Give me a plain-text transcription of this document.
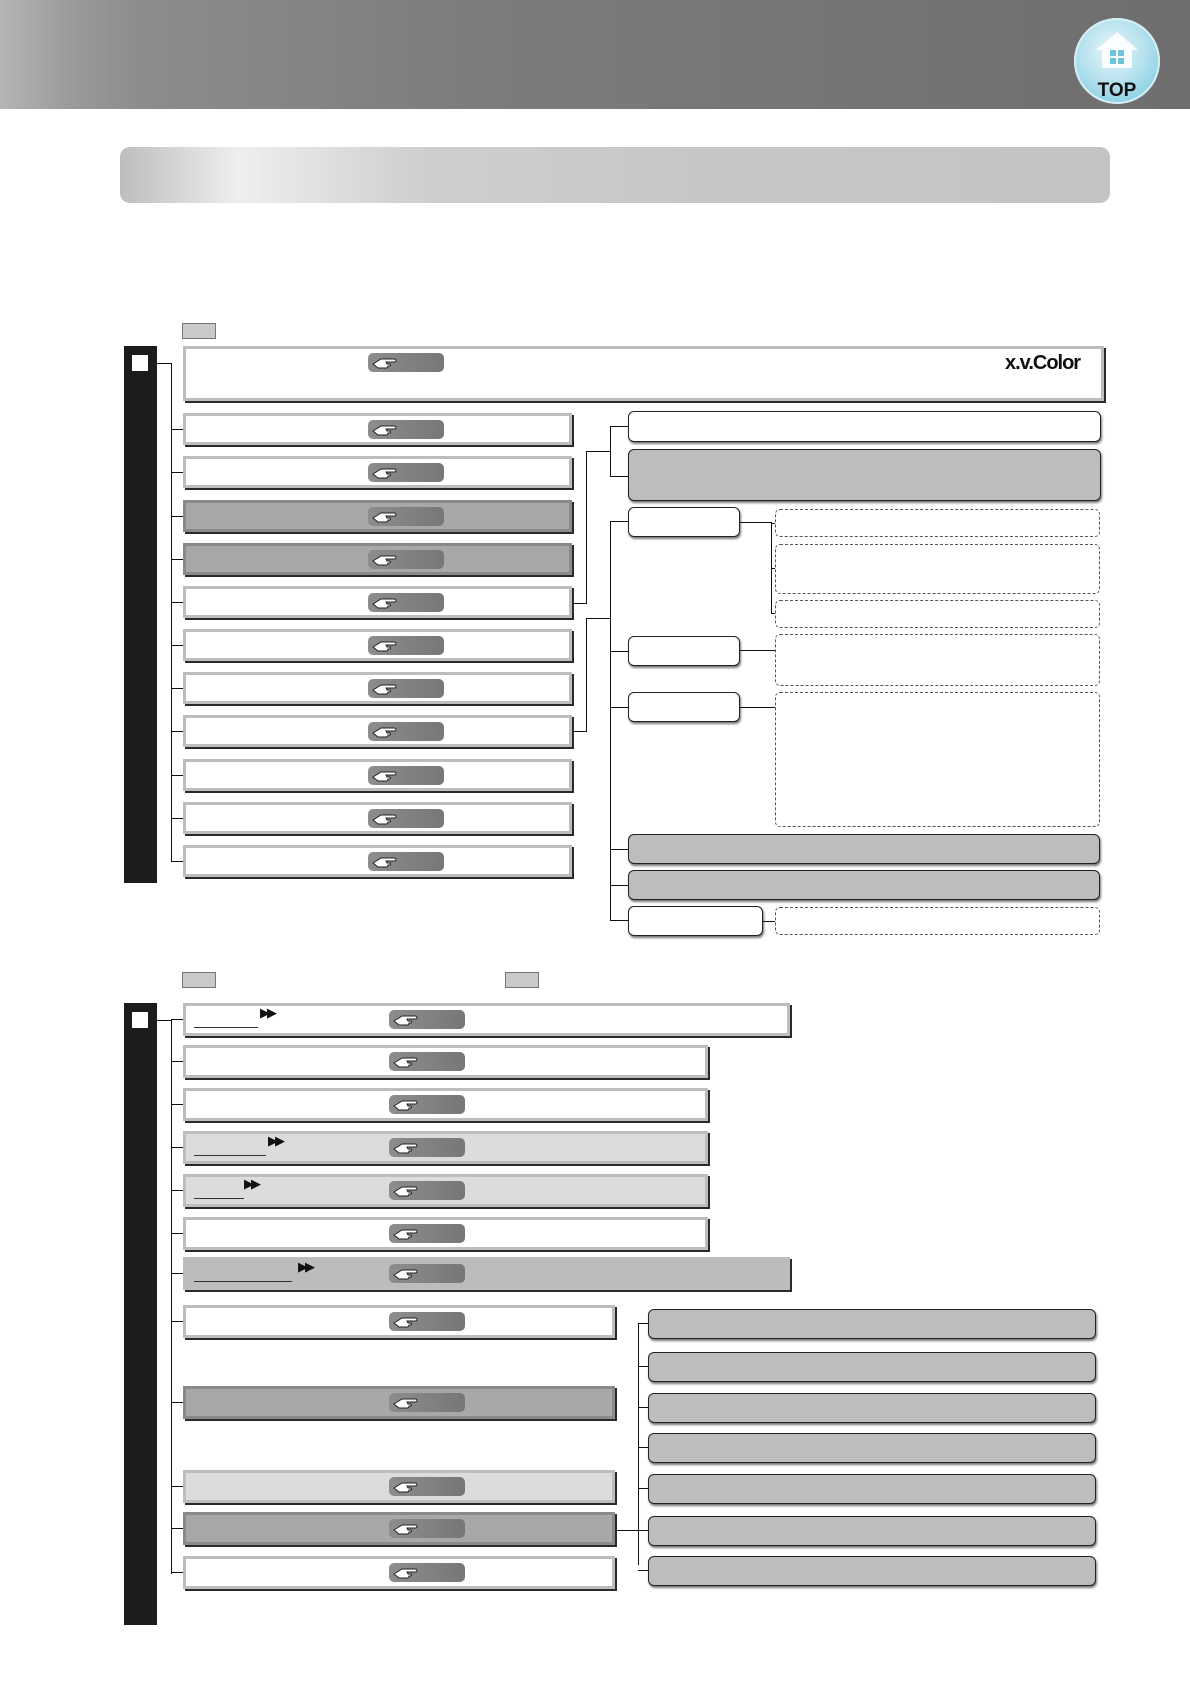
TOP
x.v.Color
▶▶
▶▶
▶▶
▶▶
